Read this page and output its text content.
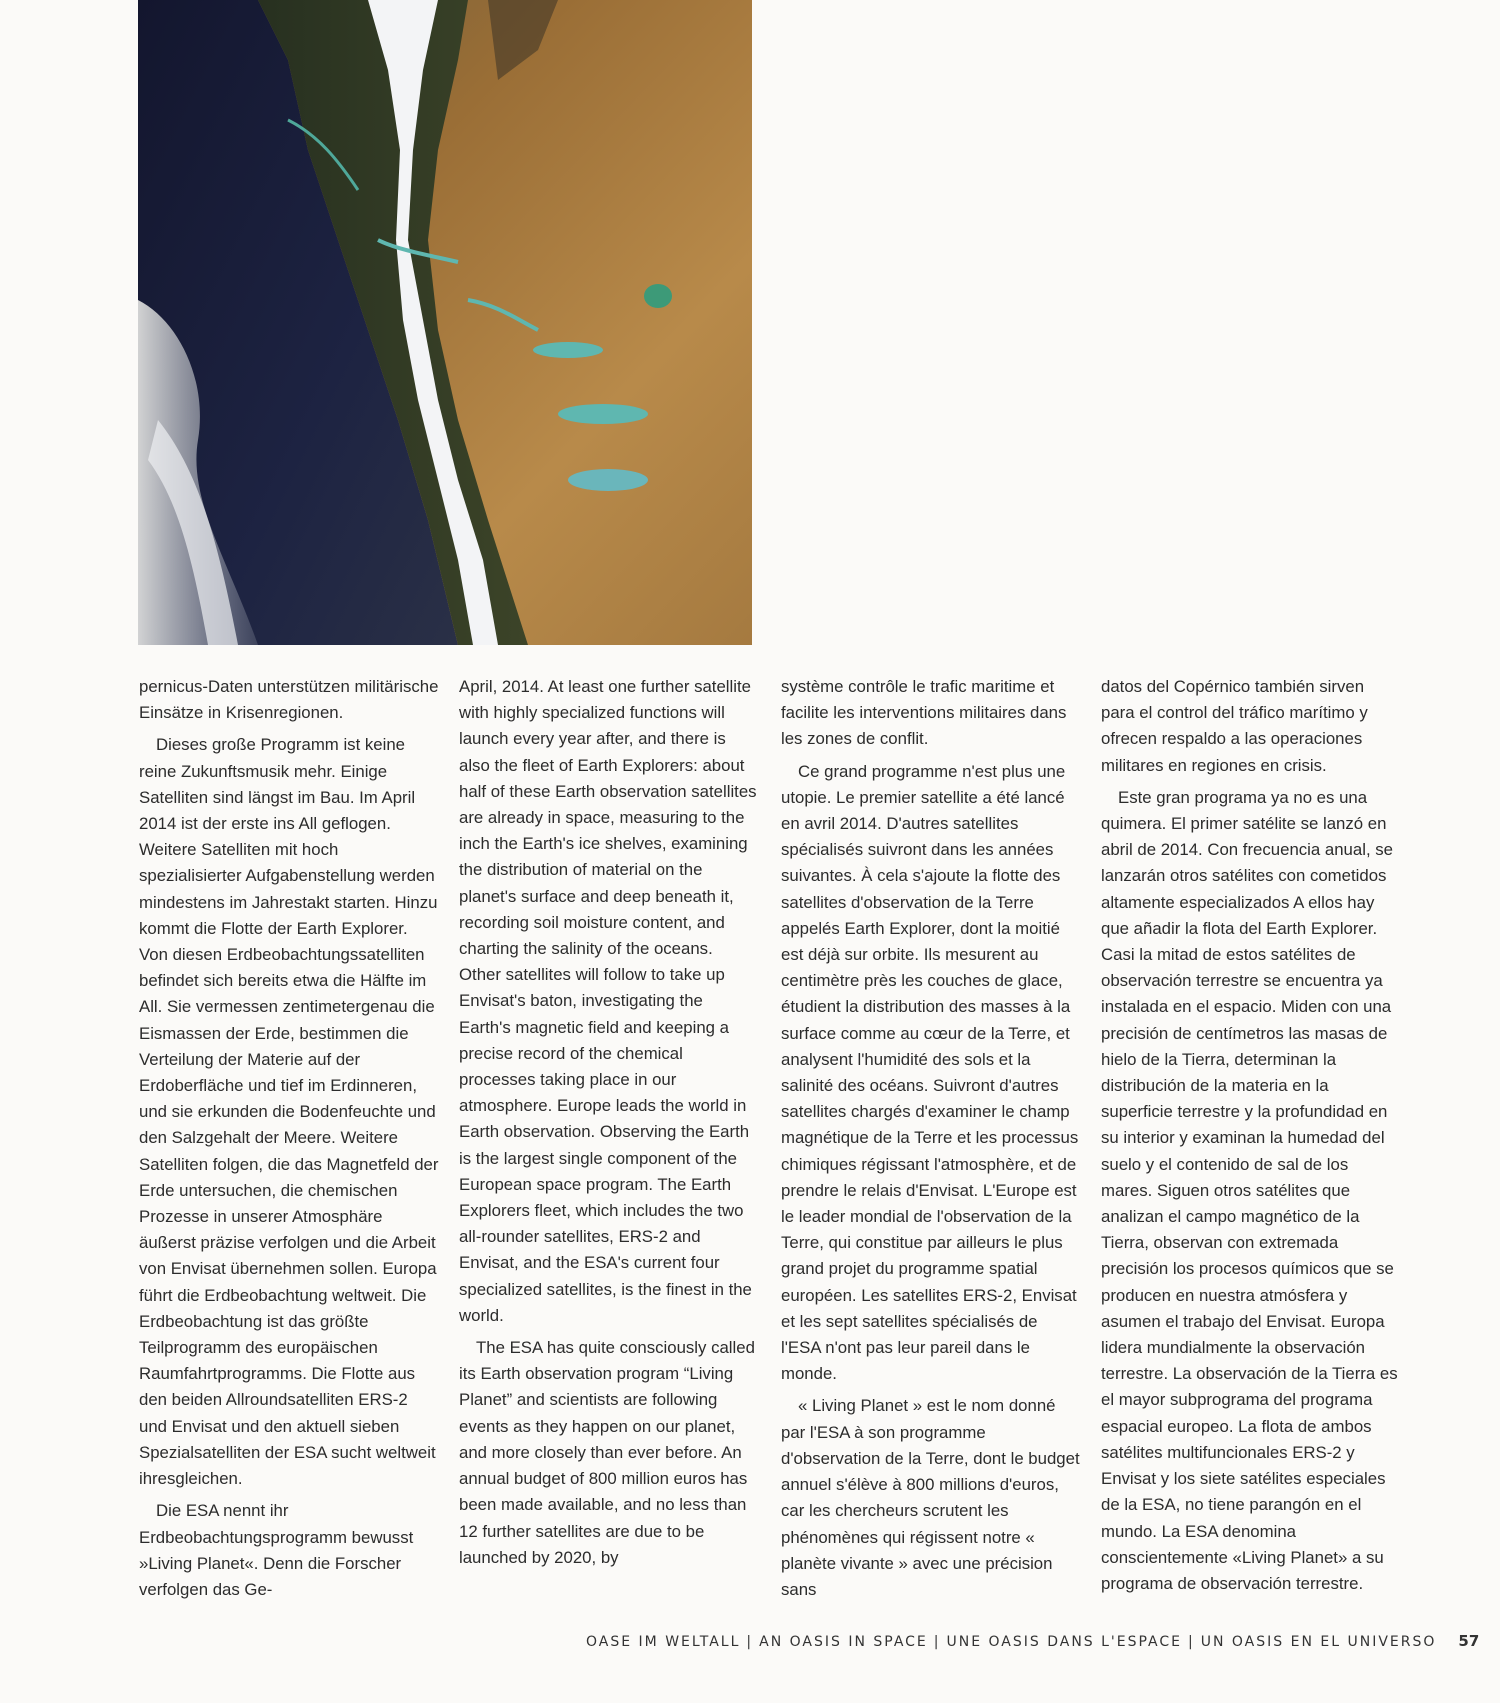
pernicus-Daten unterstützen militärische Einsätze in Krisenregionen.

Dieses große Programm ist keine reine Zukunftsmusik mehr. Einige Satelliten sind längst im Bau. Im April 2014 ist der erste ins All geflogen. Weitere Satelliten mit hoch spezialisierter Aufgabenstellung werden mindestens im Jahrestakt starten. Hinzu kommt die Flotte der Earth Explorer. Von diesen Erdbeobachtungssatelliten befindet sich bereits etwa die Hälfte im All. Sie vermessen zentimetergenau die Eismassen der Erde, bestimmen die Verteilung der Materie auf der Erdoberfläche und tief im Erdinneren, und sie erkunden die Bodenfeuchte und den Salzgehalt der Meere. Weitere Satelliten folgen, die das Magnetfeld der Erde untersuchen, die chemischen Prozesse in unserer Atmosphäre äußerst präzise verfolgen und die Arbeit von Envisat übernehmen sollen. Europa führt die Erdbeobachtung weltweit. Die Erdbeobachtung ist das größte Teilprogramm des europäischen Raumfahrtprogramms. Die Flotte aus den beiden Allroundsatelliten ERS-2 und Envisat und den aktuell sieben Spezialsatelliten der ESA sucht weltweit ihresgleichen.

Die ESA nennt ihr Erdbeobachtungsprogramm bewusst »Living Planet«. Denn die Forscher verfolgen das Ge-

April, 2014. At least one further satellite with highly specialized functions will launch every year after, and there is also the fleet of Earth Explorers: about half of these Earth observation satellites are already in space, measuring to the inch the Earth's ice shelves, examining the distribution of material on the planet's surface and deep beneath it, recording soil moisture content, and charting the salinity of the oceans. Other satellites will follow to take up Envisat's baton, investigating the Earth's magnetic field and keeping a precise record of the chemical processes taking place in our atmosphere. Europe leads the world in Earth observation. Observing the Earth is the largest single component of the European space program. The Earth Explorers fleet, which includes the two all-rounder satellites, ERS-2 and Envisat, and the ESA's current four specialized satellites, is the finest in the world.

The ESA has quite consciously called its Earth observation program “Living Planet” and scientists are following events as they happen on our planet, and more closely than ever before. An annual budget of 800 million euros has been made available, and no less than 12 further satellites are due to be launched by 2020, by

système contrôle le trafic maritime et facilite les interventions militaires dans les zones de conflit.

Ce grand programme n'est plus une utopie. Le premier satellite a été lancé en avril 2014. D'autres satellites spécialisés suivront dans les années suivantes. À cela s'ajoute la flotte des satellites d'observation de la Terre appelés Earth Explorer, dont la moitié est déjà sur orbite. Ils mesurent au centimètre près les couches de glace, étudient la distribution des masses à la surface comme au cœur de la Terre, et analysent l'humidité des sols et la salinité des océans. Suivront d'autres satellites chargés d'examiner le champ magnétique de la Terre et les processus chimiques régissant l'atmosphère, et de prendre le relais d'Envisat. L'Europe est le leader mondial de l'observation de la Terre, qui constitue par ailleurs le plus grand projet du programme spatial européen. Les satellites ERS-2, Envisat et les sept satellites spécialisés de l'ESA n'ont pas leur pareil dans le monde.

« Living Planet » est le nom donné par l'ESA à son programme d'observation de la Terre, dont le budget annuel s'élève à 800 millions d'euros, car les chercheurs scrutent les phénomènes qui régissent notre « planète vivante » avec une précision sans

datos del Copérnico también sirven para el control del tráfico marítimo y ofrecen respaldo a las operaciones militares en regiones en crisis.

Este gran programa ya no es una quimera. El primer satélite se lanzó en abril de 2014. Con frecuencia anual, se lanzarán otros satélites con cometidos altamente especializados A ellos hay que añadir la flota del Earth Explorer. Casi la mitad de estos satélites de observación terrestre se encuentra ya instalada en el espacio. Miden con una precisión de centímetros las masas de hielo de la Tierra, determinan la distribución de la materia en la superficie terrestre y la profundidad en su interior y examinan la humedad del suelo y el contenido de sal de los mares. Siguen otros satélites que analizan el campo magnético de la Tierra, observan con extremada precisión los procesos químicos que se producen en nuestra atmósfera y asumen el trabajo del Envisat. Europa lidera mundialmente la observación terrestre. La observación de la Tierra es el mayor subprograma del programa espacial europeo. La flota de ambos satélites multifuncionales ERS-2 y Envisat y los siete satélites especiales de la ESA, no tiene parangón en el mundo. La ESA denomina conscientemente «Living Planet» a su programa de observación terrestre.

OASE IM WELTALL | AN OASIS IN SPACE | UNE OASIS DANS L'ESPACE | UN OASIS EN EL UNIVERSO 57
